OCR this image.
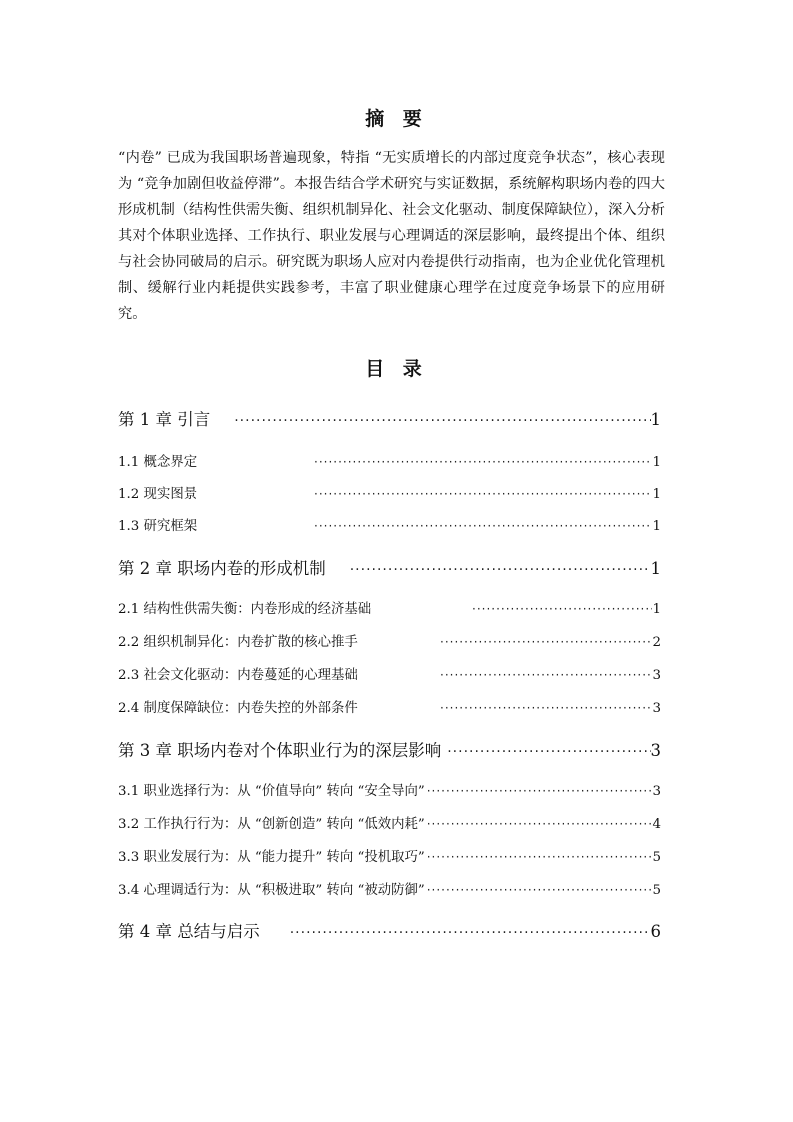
摘 要
“内卷” 已成为我国职场普遍现象，特指 “无实质增长的内部过度竞争状态”，核心表现为 “竞争加剧但收益停滞”。本报告结合学术研究与实证数据，系统解构职场内卷的四大形成机制（结构性供需失衡、组织机制异化、社会文化驱动、制度保障缺位），深入分析其对个体职业选择、工作执行、职业发展与心理调适的深层影响，最终提出个体、组织与社会协同破局的启示。研究既为职场人应对内卷提供行动指南，也为企业优化管理机制、缓解行业内耗提供实践参考，丰富了职业健康心理学在过度竞争场景下的应用研究。
目 录
第 1 章 引言 ·····	1
1.1 概念界定 ·····	1
1.2 现实图景 ·····	1
1.3 研究框架 ·····	1
第 2 章 职场内卷的形成机制 ·····	1
2.1 结构性供需失衡：内卷形成的经济基础 ·····	1
2.2 组织机制异化：内卷扩散的核心推手 ·····	2
2.3 社会文化驱动：内卷蔓延的心理基础 ·····	3
2.4 制度保障缺位：内卷失控的外部条件 ·····	3
第 3 章 职场内卷对个体职业行为的深层影响 ·····	3
3.1 职业选择行为：从 “价值导向” 转向 “安全导向” ·····	3
3.2 工作执行行为：从 “创新创造” 转向 “低效内耗” ·····	4
3.3 职业发展行为：从 “能力提升” 转向 “投机取巧” ·····	5
3.4 心理调适行为：从 “积极进取” 转向 “被动防御” ·····	5
第 4 章 总结与启示 ·····	6
